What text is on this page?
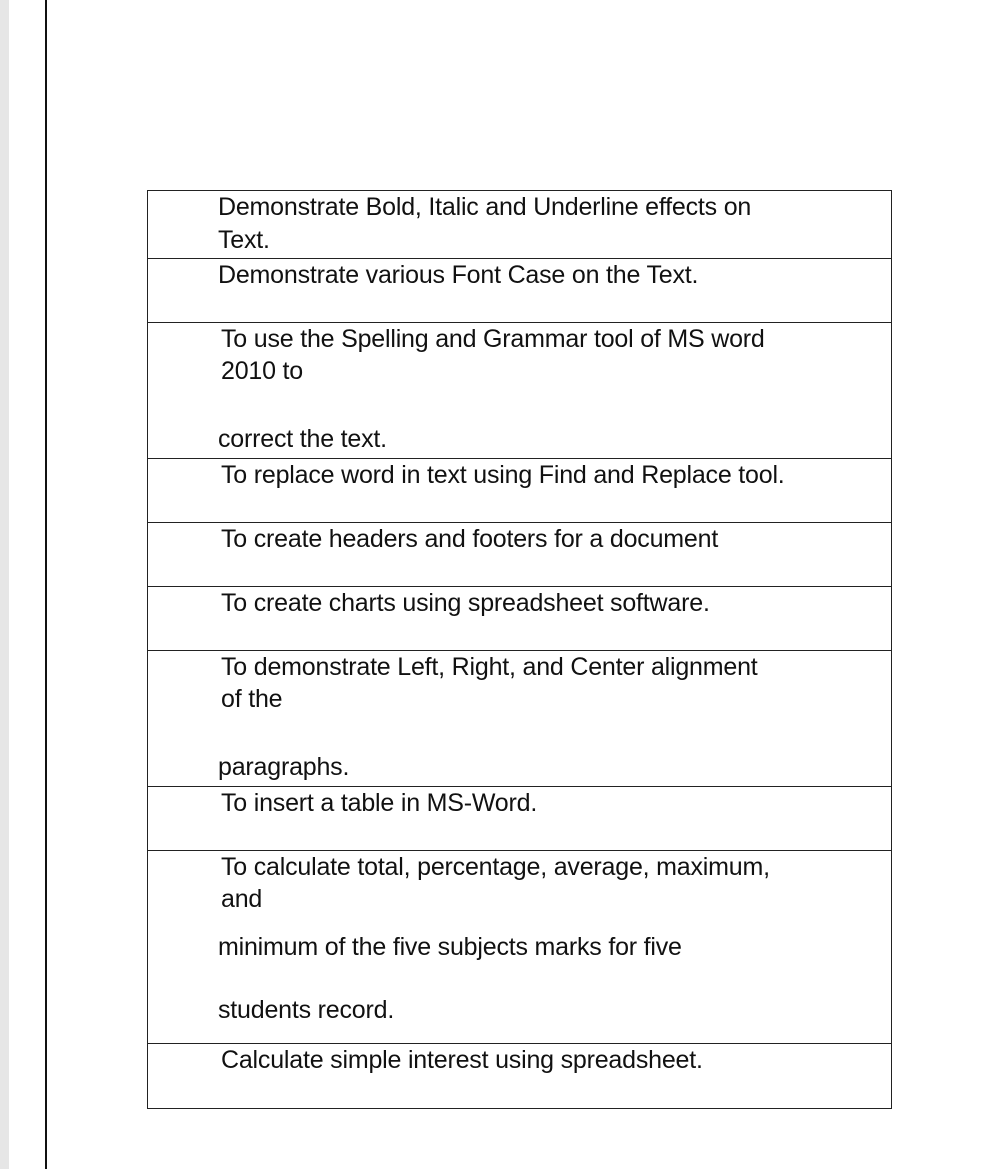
Demonstrate Bold, Italic and Underline effects on
Text.
Demonstrate various Font Case on the Text.
To use the Spelling and Grammar tool of MS word
2010 to
correct the text.
To replace word in text using Find and Replace tool.
To create headers and footers for a document
To create charts using spreadsheet software.
To demonstrate Left, Right, and Center alignment
of the
paragraphs.
To insert a table in MS-Word.
To calculate total, percentage, average, maximum,
and
minimum of the five subjects marks for five
students record.
Calculate simple interest using spreadsheet.
